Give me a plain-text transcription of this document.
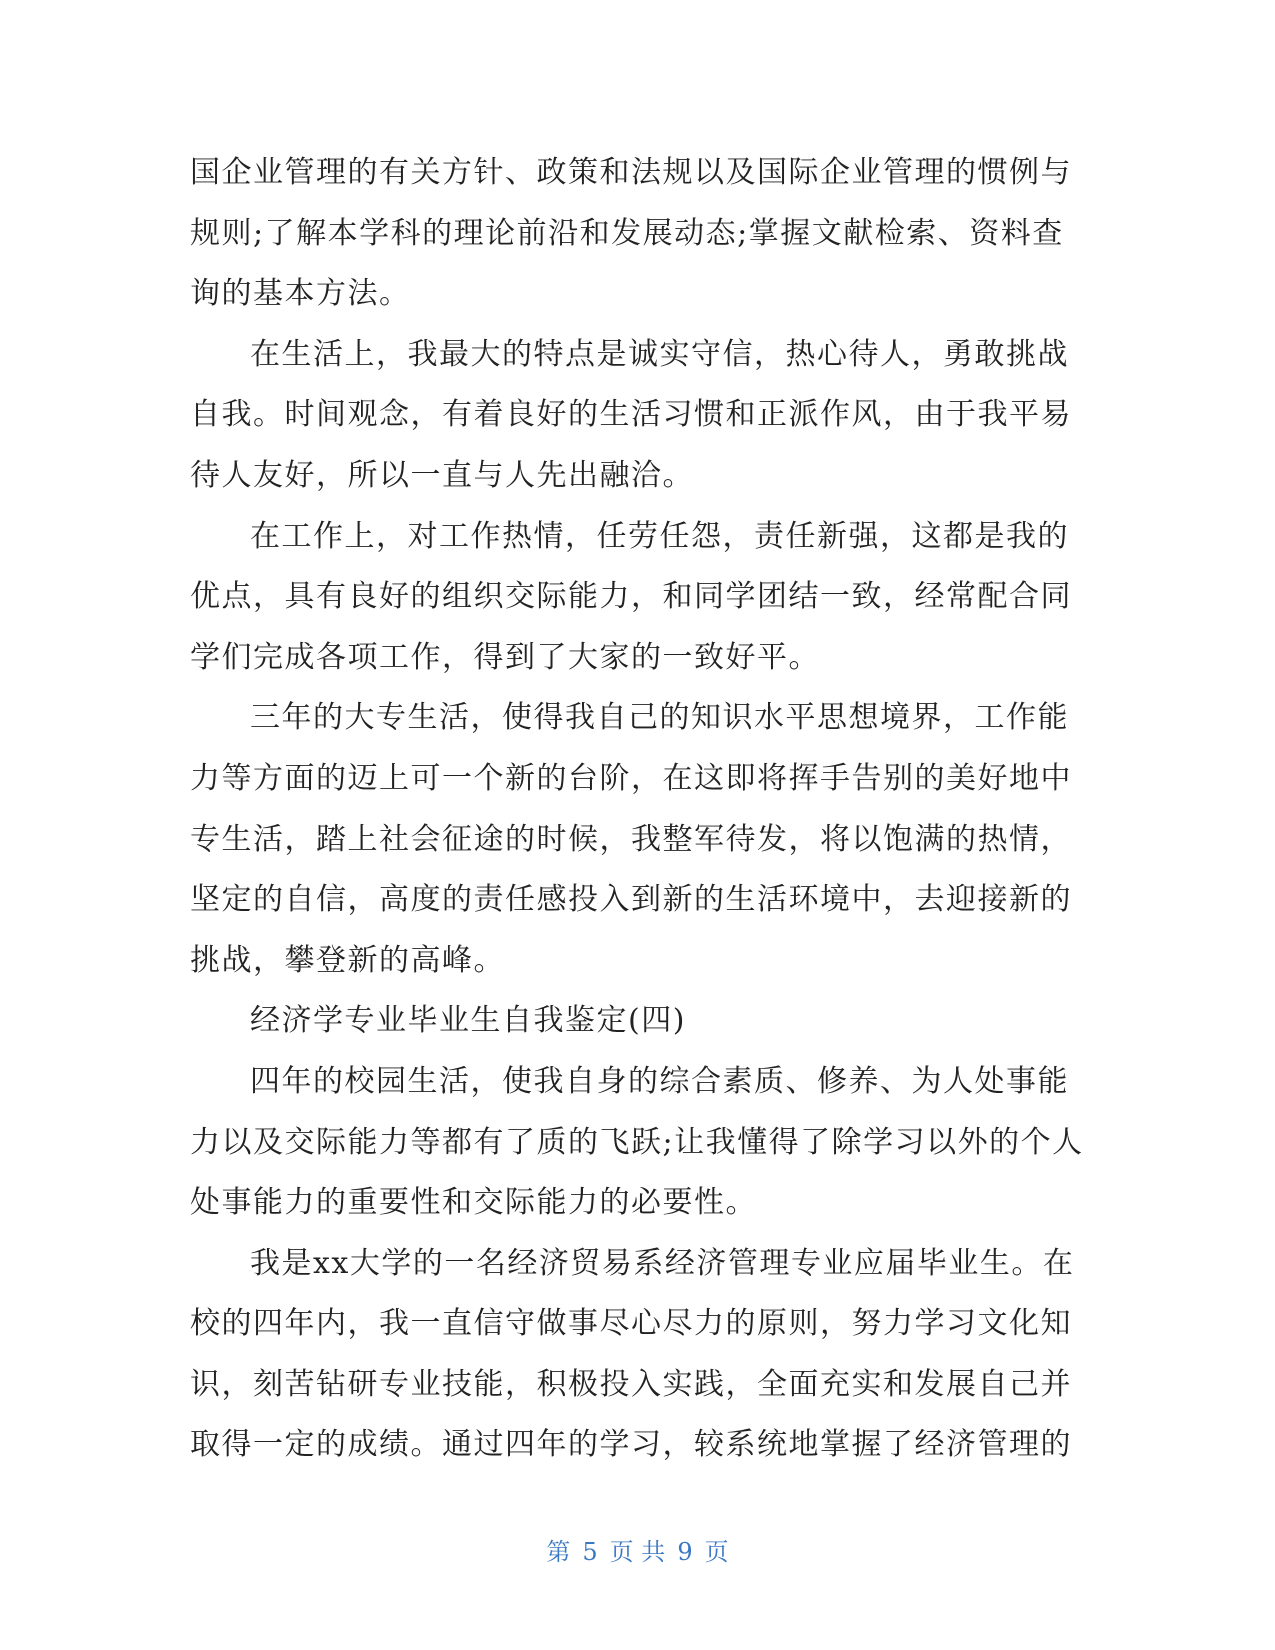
国企业管理的有关方针、政策和法规以及国际企业管理的惯例与
规则;了解本学科的理论前沿和发展动态;掌握文献检索、资料查
询的基本方法。
在生活上，我最大的特点是诚实守信，热心待人，勇敢挑战
自我。时间观念，有着良好的生活习惯和正派作风，由于我平易
待人友好，所以一直与人先出融洽。
在工作上，对工作热情，任劳任怨，责任新强，这都是我的
优点，具有良好的组织交际能力，和同学团结一致，经常配合同
学们完成各项工作，得到了大家的一致好平。
三年的大专生活，使得我自己的知识水平思想境界，工作能
力等方面的迈上可一个新的台阶，在这即将挥手告别的美好地中
专生活，踏上社会征途的时候，我整军待发，将以饱满的热情，
坚定的自信，高度的责任感投入到新的生活环境中，去迎接新的
挑战，攀登新的高峰。
经济学专业毕业生自我鉴定(四)
四年的校园生活，使我自身的综合素质、修养、为人处事能
力以及交际能力等都有了质的飞跃;让我懂得了除学习以外的个人
处事能力的重要性和交际能力的必要性。
我是xx大学的一名经济贸易系经济管理专业应届毕业生。在
校的四年内，我一直信守做事尽心尽力的原则，努力学习文化知
识，刻苦钻研专业技能，积极投入实践，全面充实和发展自己并
取得一定的成绩。通过四年的学习，较系统地掌握了经济管理的
第 5 页 共 9 页
